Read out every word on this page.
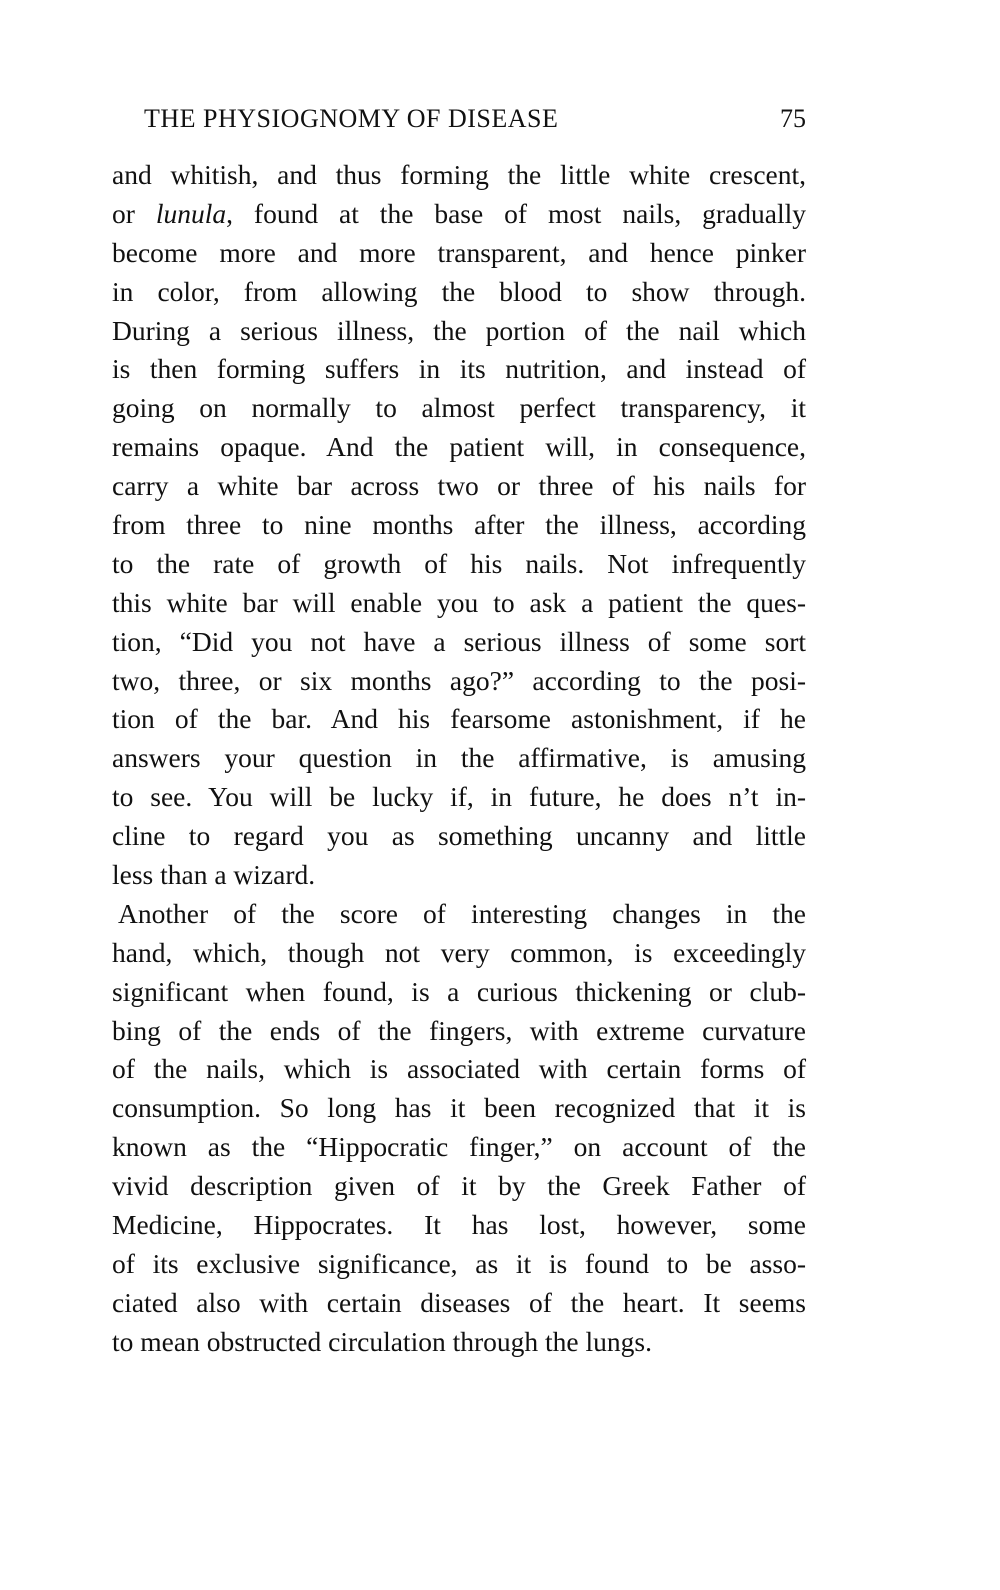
THE PHYSIOGNOMY OF DISEASE	75
and whitish, and thus forming the little white crescent,
or lunula, found at the base of most nails, gradually
become more and more transparent, and hence pinker
in color, from allowing the blood to show through.
During a serious illness, the portion of the nail which
is then forming suffers in its nutrition, and instead of
going on normally to almost perfect transparency, it
remains opaque. And the patient will, in consequence,
carry a white bar across two or three of his nails for
from three to nine months after the illness, according
to the rate of growth of his nails. Not infrequently
this white bar will enable you to ask a patient the ques-
tion, “Did you not have a serious illness of some sort
two, three, or six months ago?” according to the posi-
tion of the bar. And his fearsome astonishment, if he
answers your question in the affirmative, is amusing
to see. You will be lucky if, in future, he does n’t in-
cline to regard you as something uncanny and little
less than a wizard.
Another of the score of interesting changes in the
hand, which, though not very common, is exceedingly
significant when found, is a curious thickening or club-
bing of the ends of the fingers, with extreme curvature
of the nails, which is associated with certain forms of
consumption. So long has it been recognized that it is
known as the “Hippocratic finger,” on account of the
vivid description given of it by the Greek Father of
Medicine, Hippocrates. It has lost, however, some
of its exclusive significance, as it is found to be asso-
ciated also with certain diseases of the heart. It seems
to mean obstructed circulation through the lungs.
